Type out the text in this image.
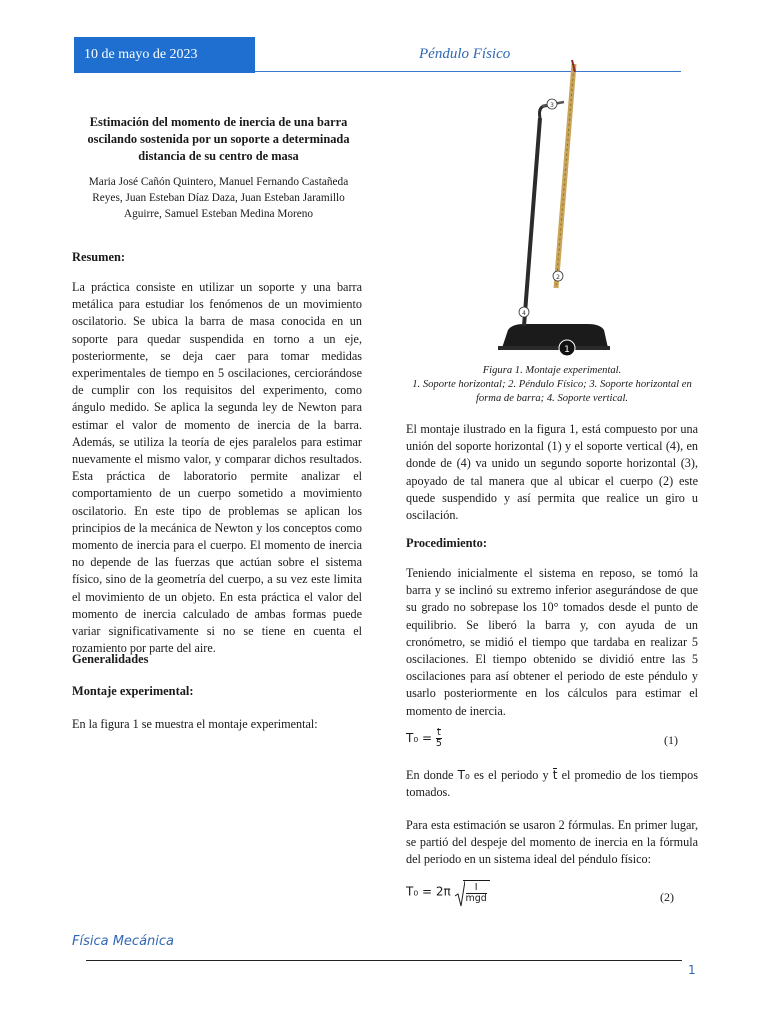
10 de mayo de 2023	Péndulo Físico
Estimación del momento de inercia de una barra oscilando sostenida por un soporte a determinada distancia de su centro de masa
Maria José Cañón Quintero, Manuel Fernando Castañeda Reyes, Juan Esteban Díaz Daza, Juan Esteban Jaramillo Aguirre, Samuel Esteban Medina Moreno
Resumen:
La práctica consiste en utilizar un soporte y una barra metálica para estudiar los fenómenos de un movimiento oscilatorio. Se ubica la barra de masa conocida en un soporte para quedar suspendida en torno a un eje, posteriormente, se deja caer para tomar medidas experimentales de tiempo en 5 oscilaciones, cerciorándose de cumplir con los requisitos del experimento, como ángulo medido. Se aplica la segunda ley de Newton para estimar el valor de momento de inercia de la barra. Además, se utiliza la teoría de ejes paralelos para estimar nuevamente el mismo valor, y comparar dichos resultados. Esta práctica de laboratorio permite analizar el comportamiento de un cuerpo sometido a movimiento oscilatorio. En este tipo de problemas se aplican los principios de la mecánica de Newton y los conceptos como momento de inercia para el cuerpo. El momento de inercia no depende de las fuerzas que actúan sobre el sistema físico, sino de la geometría del cuerpo, a su vez este limita el movimiento de un objeto. En esta práctica el valor del momento de inercia calculado de ambas formas puede variar significativamente si no se tiene en cuenta el rozamiento por parte del aire.
Generalidades
Montaje experimental:
En la figura 1 se muestra el montaje experimental:
1
2
3
4
Figura 1. Montaje experimental.
1. Soporte horizontal; 2. Péndulo Físico; 3. Soporte horizontal en forma de barra; 4. Soporte vertical.
El montaje ilustrado en la figura 1, está compuesto por una unión del soporte horizontal (1) y el soporte vertical (4), en donde de (4) va unido un segundo soporte horizontal (3), apoyado de tal manera que al ubicar el cuerpo (2) este quede suspendido y así permita que realice un giro u oscilación.
Procedimiento:
Teniendo inicialmente el sistema en reposo, se tomó la barra y se inclinó su extremo inferior asegurándose de que su grado no sobrepase los 10° tomados desde el punto de equilibrio. Se liberó la barra y, con ayuda de un cronómetro, se midió el tiempo que tardaba en realizar 5 oscilaciones. El tiempo obtenido se dividió entre las 5 oscilaciones para así obtener el periodo de este péndulo y usarlo posteriormente en los cálculos para estimar el momento de inercia.
$T_0 = \frac{t}{5}$	(1)
En donde T₀ es el periodo y t el promedio de los tiempos tomados.
Para esta estimación se usaron 2 fórmulas. En primer lugar, se partió del despeje del momento de inercia en la fórmula del periodo en un sistema ideal del péndulo físico:
$T_0 = 2\pi \frac{I}{\text{mgd}}$	(2)
Física Mecánica
1
